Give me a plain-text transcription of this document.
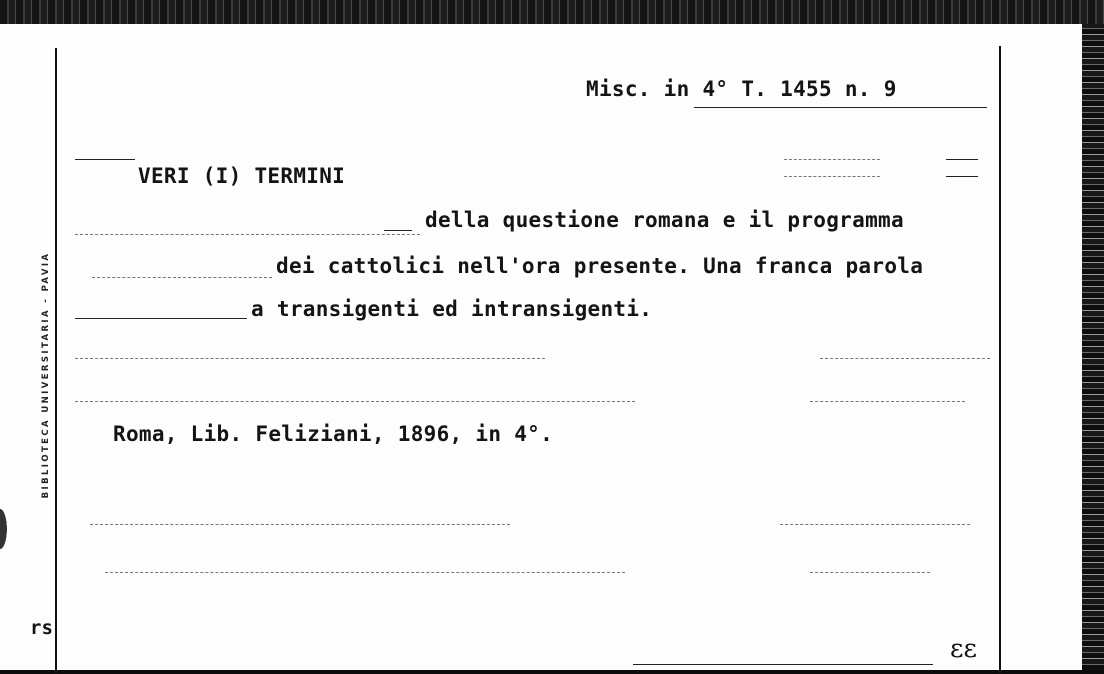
BIBLIOTECA UNIVERSITARIA - PAVIA
Misc. in 4° T. 1455 n. 9
VERI (I) TERMINI
della questione romana e il programma
dei cattolici nell'ora presente. Una franca parola
a transigenti ed intransigenti.
Roma, Lib. Feliziani, 1896, in 4°.
rs
ɛɛ
